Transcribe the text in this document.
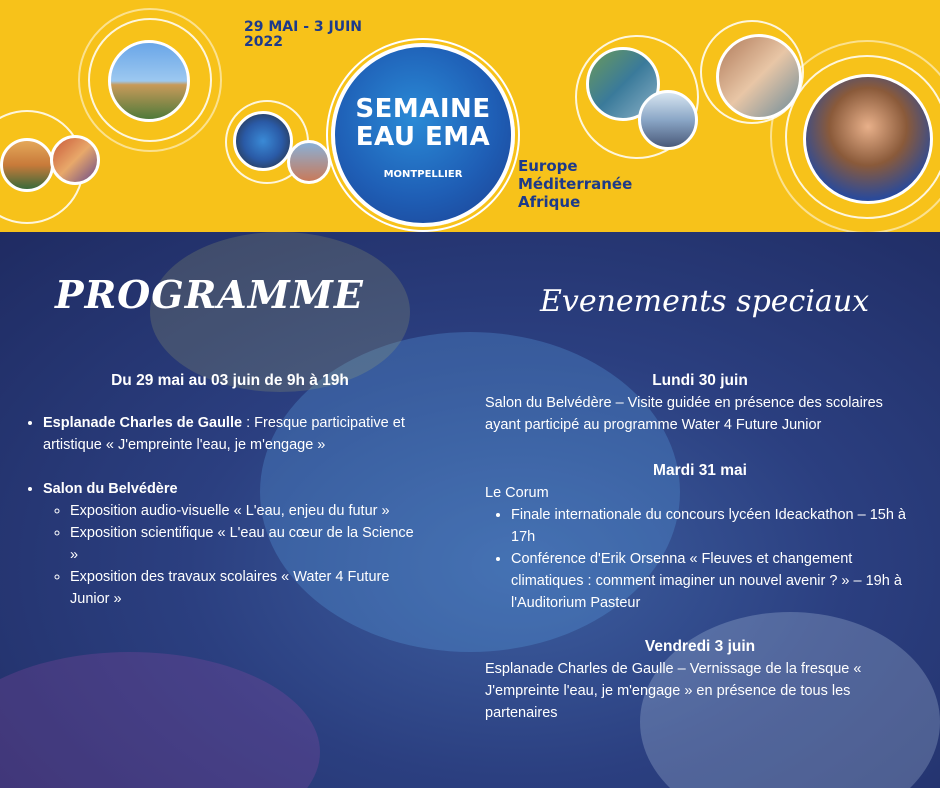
29 MAI - 3 JUIN
2022
SEMAINE
EAU EMA
MONTPELLIER	Europe
Méditerranée
Afrique
PROGRAMME	Evenements speciaux
Du 29 mai au 03 juin de 9h à 19h
• Esplanade Charles de Gaulle : Fresque participative et artistique « J'empreinte l'eau, je m'engage »
• Salon du Belvédère
◦ Exposition audio-visuelle « L'eau, enjeu du futur »
◦ Exposition scientifique « L'eau au cœur de la Science »
◦ Exposition des travaux scolaires « Water 4 Future Junior »
Lundi 30 juin
Salon du Belvédère – Visite guidée en présence des scolaires ayant participé au programme Water 4 Future Junior
Mardi 31 mai
Le Corum
• Finale internationale du concours lycéen Ideackathon – 15h à 17h
• Conférence d'Erik Orsenna « Fleuves et changement climatiques : comment imaginer un nouvel avenir ? » – 19h à l'Auditorium Pasteur
Vendredi 3 juin
Esplanade Charles de Gaulle – Vernissage de la fresque « J'empreinte l'eau, je m'engage » en présence de tous les partenaires
